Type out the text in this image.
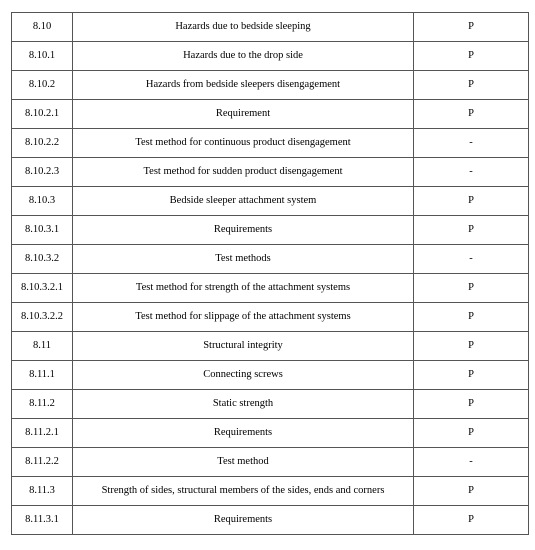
8.10	Hazards due to bedside sleeping	P
8.10.1	Hazards due to the drop side	P
8.10.2	Hazards from bedside sleepers disengagement	P
8.10.2.1	Requirement	P
8.10.2.2	Test method for continuous product disengagement	-
8.10.2.3	Test method for sudden product disengagement	-
8.10.3	Bedside sleeper attachment system	P
8.10.3.1	Requirements	P
8.10.3.2	Test methods	-
8.10.3.2.1	Test method for strength of the attachment systems	P
8.10.3.2.2	Test method for slippage of the attachment systems	P
8.11	Structural integrity	P
8.11.1	Connecting screws	P
8.11.2	Static strength	P
8.11.2.1	Requirements	P
8.11.2.2	Test method	-
8.11.3	Strength of sides, structural members of the sides, ends and corners	P
8.11.3.1	Requirements	P
